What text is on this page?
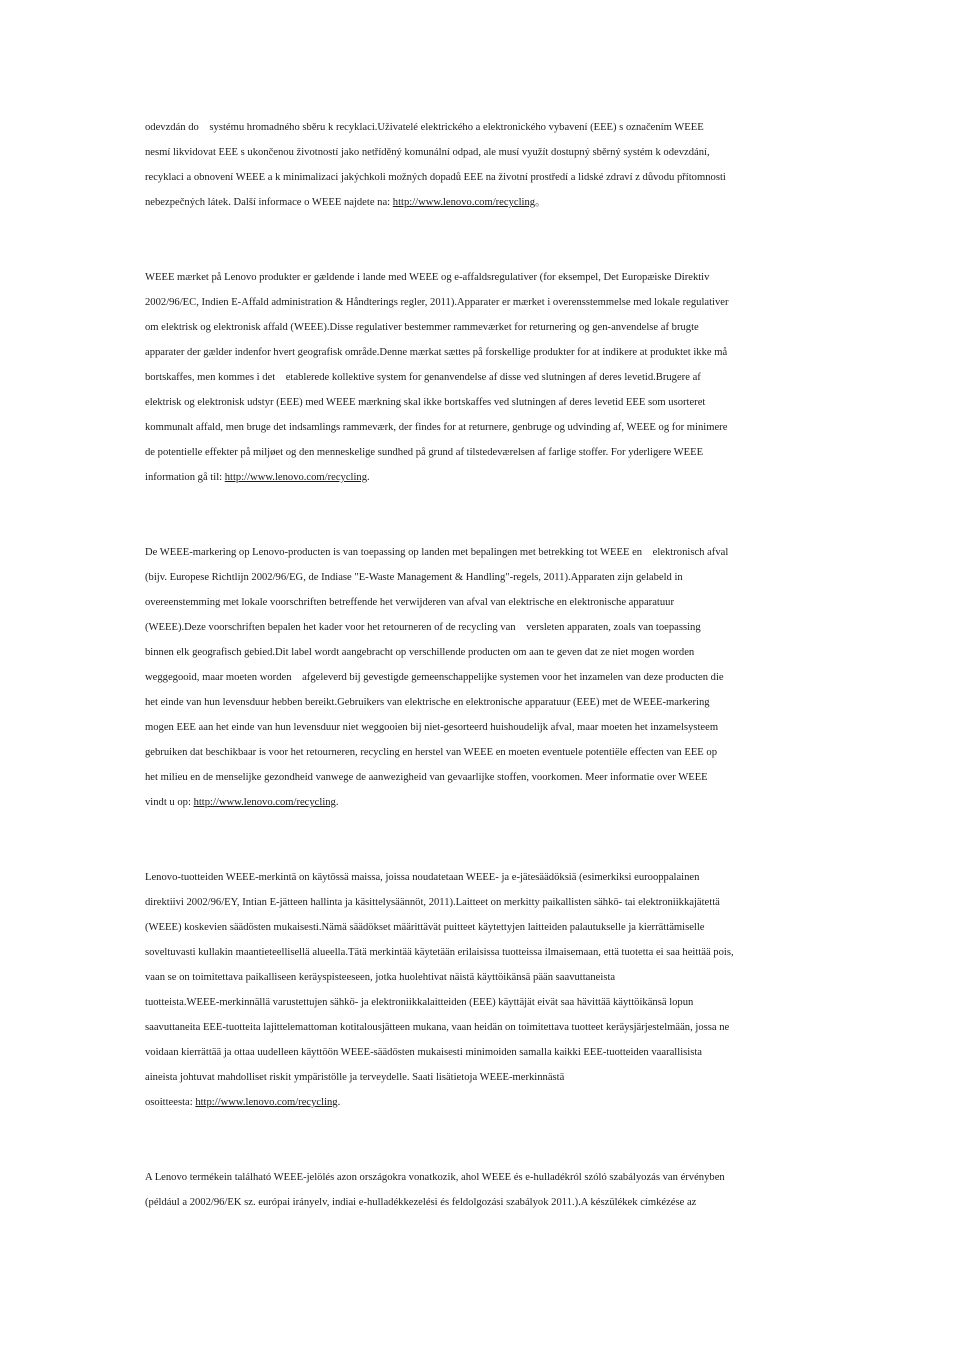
odevzdán do　systému hromadného sběru k recyklaci.Uživatelé elektrického a elektronického vybavení (EEE) s označením WEEE
nesmí likvidovat EEE s ukončenou životností jako netříděný komunální odpad, ale musí využít dostupný sběrný systém k odevzdání,
recyklaci a obnovení WEEE a k minimalizaci jakýchkoli možných dopadů EEE na životní prostředí a lidské zdraví z důvodu přítomnosti
nebezpečných látek. Další informace o WEEE najdete na: http://www.lenovo.com/recycling。
WEEE mærket på Lenovo produkter er gældende i lande med WEEE og e-affaldsregulativer (for eksempel, Det Europæiske Direktiv
2002/96/EC, Indien E-Affald administration & Håndterings regler, 2011).Apparater er mærket i overensstemmelse med lokale regulativer
om elektrisk og elektronisk affald (WEEE).Disse regulativer bestemmer rammeværket for returnering og gen-anvendelse af brugte
apparater der gælder indenfor hvert geografisk område.Denne mærkat sættes på forskellige produkter for at indikere at produktet ikke må
bortskaffes, men kommes i det　etablerede kollektive system for genanvendelse af disse ved slutningen af deres levetid.Brugere af
elektrisk og elektronisk udstyr (EEE) med WEEE mærkning skal ikke bortskaffes ved slutningen af deres levetid EEE som usorteret
kommunalt affald, men bruge det indsamlings rammeværk, der findes for at returnere, genbruge og udvinding af, WEEE og for minimere
de potentielle effekter på miljøet og den menneskelige sundhed på grund af tilstedeværelsen af farlige stoffer. For yderligere WEEE
information gå til: http://www.lenovo.com/recycling.
De WEEE-markering op Lenovo-producten is van toepassing op landen met bepalingen met betrekking tot WEEE en　elektronisch afval
(bijv. Europese Richtlijn 2002/96/EG, de Indiase "E-Waste Management & Handling"-regels, 2011).Apparaten zijn gelabeld in
overeenstemming met lokale voorschriften betreffende het verwijderen van afval van elektrische en elektronische apparatuur
(WEEE).Deze voorschriften bepalen het kader voor het retourneren of de recycling van　versleten apparaten, zoals van toepassing
binnen elk geografisch gebied.Dit label wordt aangebracht op verschillende producten om aan te geven dat ze niet mogen worden
weggegooid, maar moeten worden　afgeleverd bij gevestigde gemeenschappelijke systemen voor het inzamelen van deze producten die
het einde van hun levensduur hebben bereikt.Gebruikers van elektrische en elektronische apparatuur (EEE) met de WEEE-markering
mogen EEE aan het einde van hun levensduur niet weggooien bij niet-gesorteerd huishoudelijk afval, maar moeten het inzamelsysteem
gebruiken dat beschikbaar is voor het retourneren, recycling en herstel van WEEE en moeten eventuele potentiële effecten van EEE op
het milieu en de menselijke gezondheid vanwege de aanwezigheid van gevaarlijke stoffen, voorkomen. Meer informatie over WEEE
vindt u op: http://www.lenovo.com/recycling.
Lenovo-tuotteiden WEEE-merkintä on käytössä maissa, joissa noudatetaan WEEE- ja e-jätesäädöksiä (esimerkiksi eurooppalainen
direktiivi 2002/96/EY, Intian E-jätteen hallinta ja käsittelysäännöt, 2011).Laitteet on merkitty paikallisten sähkö- tai elektroniikkajätettä
(WEEE) koskevien säädösten mukaisesti.Nämä säädökset määrittävät puitteet käytettyjen laitteiden palautukselle ja kierrättämiselle
soveltuvasti kullakin maantieteellisellä alueella.Tätä merkintää käytetään erilaisissa tuotteissa ilmaisemaan, että tuotetta ei saa heittää pois,
vaan se on toimitettava paikalliseen keräyspisteeseen, jotka huolehtivat näistä käyttöikänsä pään saavuttaneista
tuotteista.WEEE-merkinnällä varustettujen sähkö- ja elektroniikkalaitteiden (EEE) käyttäjät eivät saa hävittää käyttöikänsä lopun
saavuttaneita EEE-tuotteita lajittelemattoman kotitalousjätteen mukana, vaan heidän on toimitettava tuotteet keräysjärjestelmään, jossa ne
voidaan kierrättää ja ottaa uudelleen käyttöön WEEE-säädösten mukaisesti minimoiden samalla kaikki EEE-tuotteiden vaarallisista
aineista johtuvat mahdolliset riskit ympäristölle ja terveydelle. Saati lisätietoja WEEE-merkinnästä
osoitteesta: http://www.lenovo.com/recycling.
A Lenovo termékein található WEEE-jelölés azon országokra vonatkozik, ahol WEEE és e-hulladékról szóló szabályozás van érvényben
(például a 2002/96/EK sz. európai irányelv, indiai e-hulladékkezelési és feldolgozási szabályok 2011.).A készülékek címkézése az
